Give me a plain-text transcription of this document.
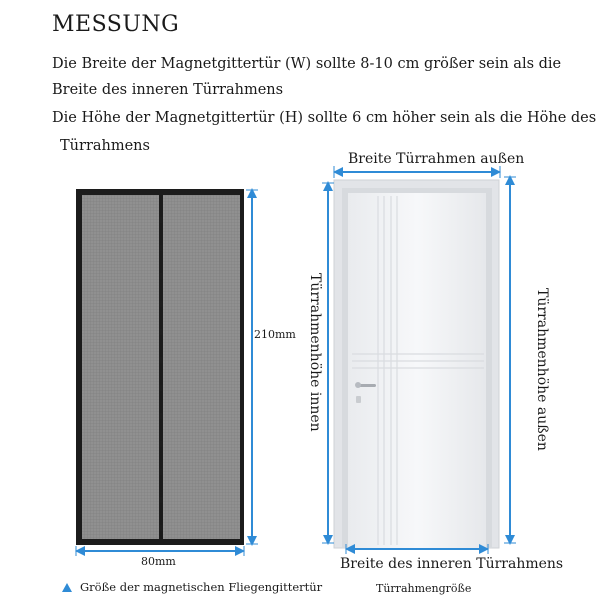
MESSUNG
Die Breite der Magnetgittertür (W) sollte 8-10 cm größer sein als die
Breite des inneren Türrahmens
Die Höhe der Magnetgittertür (H) sollte 6 cm höher sein als die Höhe des
Türrahmens
210mm
80mm
Größe der magnetischen Fliegengittertür
Breite Türrahmen außen
Breite des inneren Türrahmens
Türrahmengröße
Türrahmenhöhe innen	Türrahmenhöhe außen
